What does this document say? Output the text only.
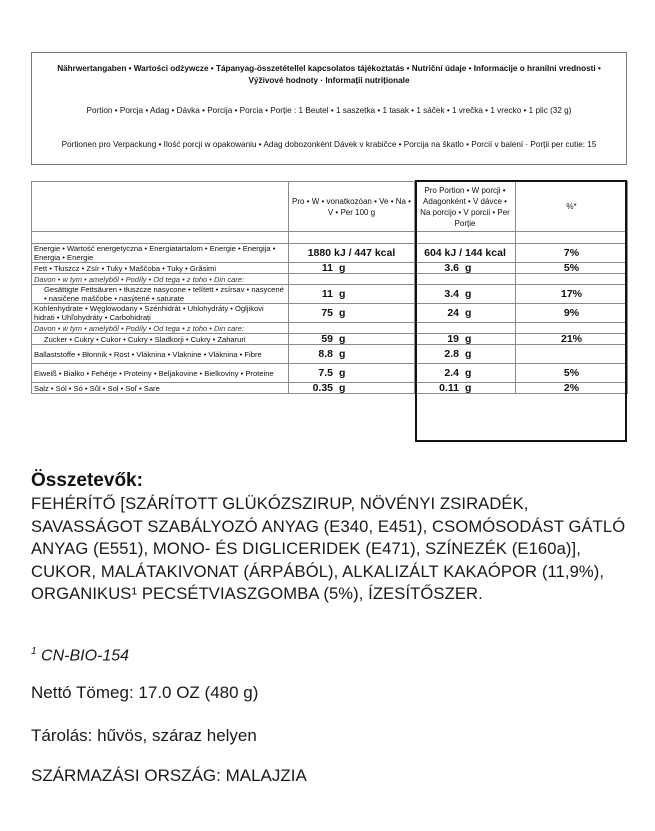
Nährwertangaben • Wartości odżywcze • Tápanyag-összetétellel kapcsolatos tájékoztatás • Nutriční údaje • Informacije o hranilni vrednosti • Výživové hodnoty · Informații nutriționale

Portion • Porcja • Adag • Dávka • Porcija • Porcia • Porție : 1 Beutel • 1 saszetka • 1 tasak • 1 sáček • 1 vrečka • 1 vrecko • 1 plic (32 g)

Portionen pro Verpackung • Ilość porcji w opakowaniu • Adag dobozonként Dávek v krabičce • Porcija na škatlo • Porcií v balení · Porții per cutie: 15

	Pro • W • vonatkozóan • Ve • Na • V • Per 100 g	Pro Portion • W porcji • Adagonként • V dávce • Na porcijo • V porcii • Per Porție	%*

Energie • Wartość energetyczna • Energiatartalom • Energie • Energija • Energia • Energie	1880 kJ / 447 kcal	604 kJ / 144 kcal	7%
Fett • Tłuszcz • Zsír • Tuky • Maščoba • Tuky • Grăsimi	11 g	3.6 g	5%
Davon • w tym • amelyből • Podíly • Od tega • z toho • Din care:			
Gesättigte Fettsäuren • tłuszcze nasycone • telített • zsírsav • nasycené • nasičene maščobe • nasýtené • saturate	11 g	3.4 g	17%
Kohlenhydrate • Węglowodany • Szénhidrát • Uhlohydráty • Ogljikovi hidrati • Uhľohydráty • Carbohidrați	75 g	24 g	9%
Davon • w tym • amelyből • Podíly • Od tega • z toho • Din care:			
Zucker • Cukry • Cukor • Cukry • Sladkorji • Cukry • Zaharuri	59 g	19 g	21%
Ballaststoffe • Błonnik • Rost • Vláknina • Vlaknine • Vláknina • Fibre	8.8 g	2.8 g	
Eiweiß • Białko • Fehérje • Proteiny • Beljakovine • Bielkoviny • Proteine	7.5 g	2.4 g	5%
Salz • Sól • Só • Sůl • Sol • Soľ • Sare	0.35 g	0.11 g	2%
Összetevők:

FEHÉRÍTŐ [SZÁRÍTOTT GLÜKÓZSZIRUP, NÖVÉNYI ZSIRADÉK, SAVASSÁGOT SZABÁLYOZÓ ANYAG (E340, E451), CSOMÓSODÁST GÁTLÓ ANYAG (E551), MONO- ÉS DIGLICERIDEK (E471), SZÍNEZÉK (E160a)], CUKOR, MALÁTAKIVONAT (ÁRPÁBÓL), ALKALIZÁLT KAKAÓPOR (11,9%), ORGANIKUS¹ PECSÉTVIASZGOMBA (5%), ÍZESÍTŐSZER.

$^1$ CN-BIO-154
Nettó Tömeg: 17.0 OZ (480 g)
Tárolás: hűvös, száraz helyen
SZÁRMAZÁSI ORSZÁG: MALAJZIA
